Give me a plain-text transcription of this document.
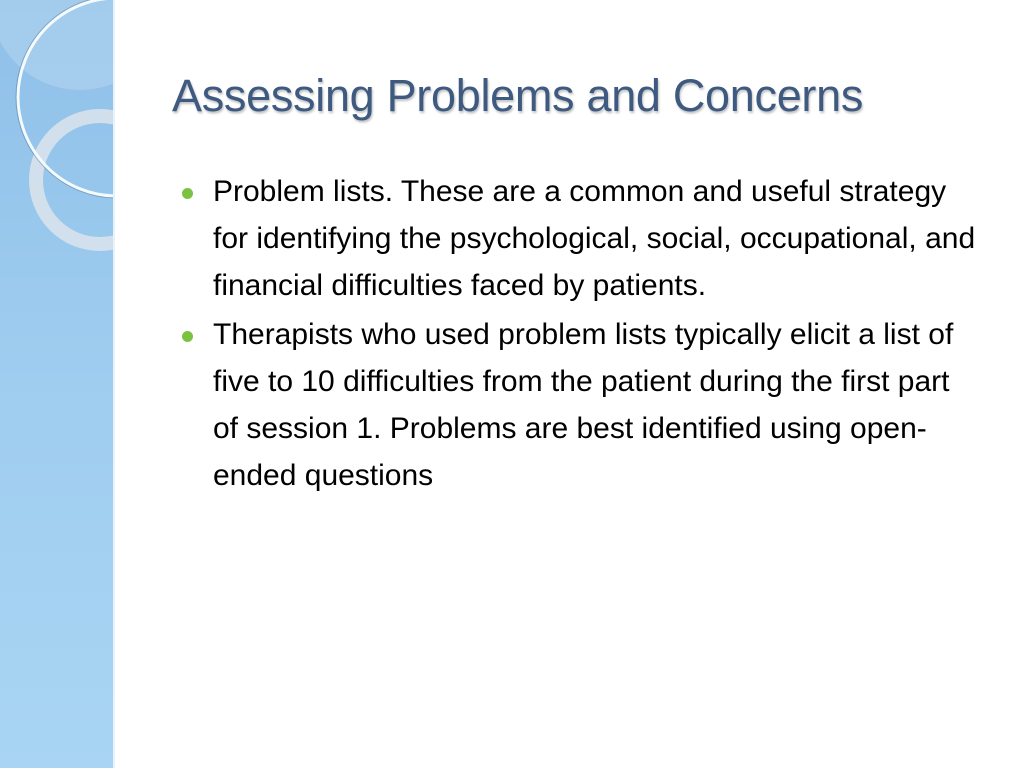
Assessing Problems and Concerns
Problem lists. These are a common and useful strategy for identifying the psychological, social, occupational, and financial difficulties faced by patients.
Therapists who used problem lists typically elicit a list of five to 10 difficulties from the patient during the first part of session 1. Problems are best identified using open-ended questions
